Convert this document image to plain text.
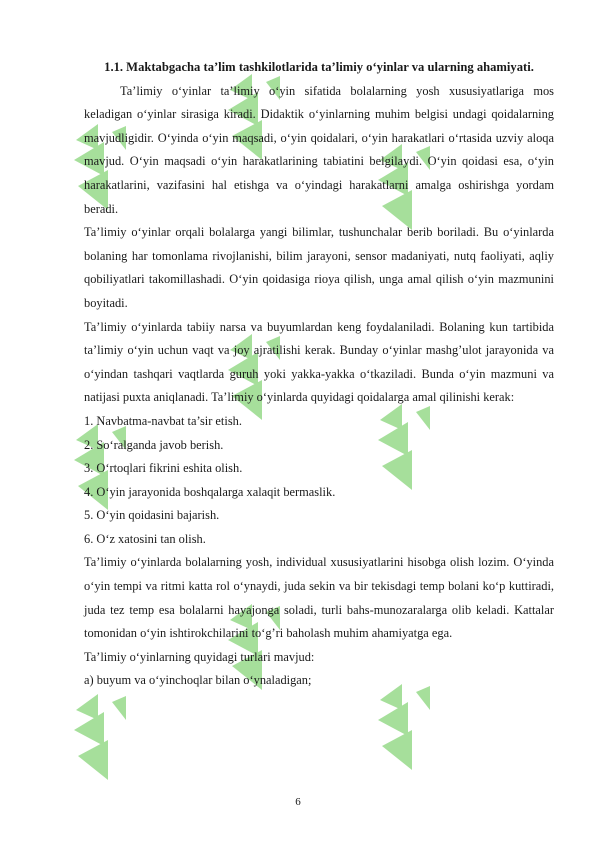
1.1. Maktabgacha ta’lim tashkilotlarida ta’limiy o‘yinlar va ularning ahamiyati.

Ta’limiy o‘yinlar ta’limiy o‘yin sifatida bolalarning yosh xususiyatlariga mos keladigan o‘yinlar sirasiga kiradi. Didaktik o‘yinlarning muhim belgisi undagi qoidalarning mavjudligidir. O‘yinda o‘yin maqsadi, o‘yin qoidalari, o‘yin harakatlari o‘rtasida uzviy aloqa mavjud. O‘yin maqsadi o‘yin harakatlarining tabiatini belgilaydi. O‘yin qoidasi esa, o‘yin harakatlarini, vazifasini hal etishga va o‘yindagi harakatlarni amalga oshirishga yordam beradi.

Ta’limiy o‘yinlar orqali bolalarga yangi bilimlar, tushunchalar berib boriladi. Bu o‘yinlarda bolaning har tomonlama rivojlanishi, bilim jarayoni, sensor madaniyati, nutq faoliyati, aqliy qobiliyatlari takomillashadi. O‘yin qoidasiga rioya qilish, unga amal qilish o‘yin mazmunini boyitadi.

Ta’limiy o‘yinlarda tabiiy narsa va buyumlardan keng foydalaniladi. Bolaning kun tartibida ta’limiy o‘yin uchun vaqt va joy ajratilishi kerak. Bunday o‘yinlar mashg’ulot jarayonida va o‘yindan tashqari vaqtlarda guruh yoki yakka-yakka o‘tkaziladi. Bunda o‘yin mazmuni va natijasi puxta aniqlanadi. Ta’limiy o‘yinlarda quyidagi qoidalarga amal qilinishi kerak:

1. Navbatma-navbat ta’sir etish.
2. So‘ralganda javob berish.
3. O‘rtoqlari fikrini eshita olish.
4. O‘yin jarayonida boshqalarga xalaqit bermaslik.
5. O‘yin qoidasini bajarish.
6. O‘z xatosini tan olish.

Ta’limiy o‘yinlarda bolalarning yosh, individual xususiyatlarini hisobga olish lozim. O‘yinda o‘yin tempi va ritmi katta rol o‘ynaydi, juda sekin va bir tekisdagi temp bolani ko‘p kuttiradi, juda tez temp esa bolalarni hayajonga soladi, turli bahs-munozaralarga olib keladi. Kattalar tomonidan o‘yin ishtirokchilarini to‘g’ri baholash muhim ahamiyatga ega.

Ta’limiy o‘yinlarning quyidagi turlari mavjud:
a) buyum va o‘yinchoqlar bilan o‘ynaladigan;
6
